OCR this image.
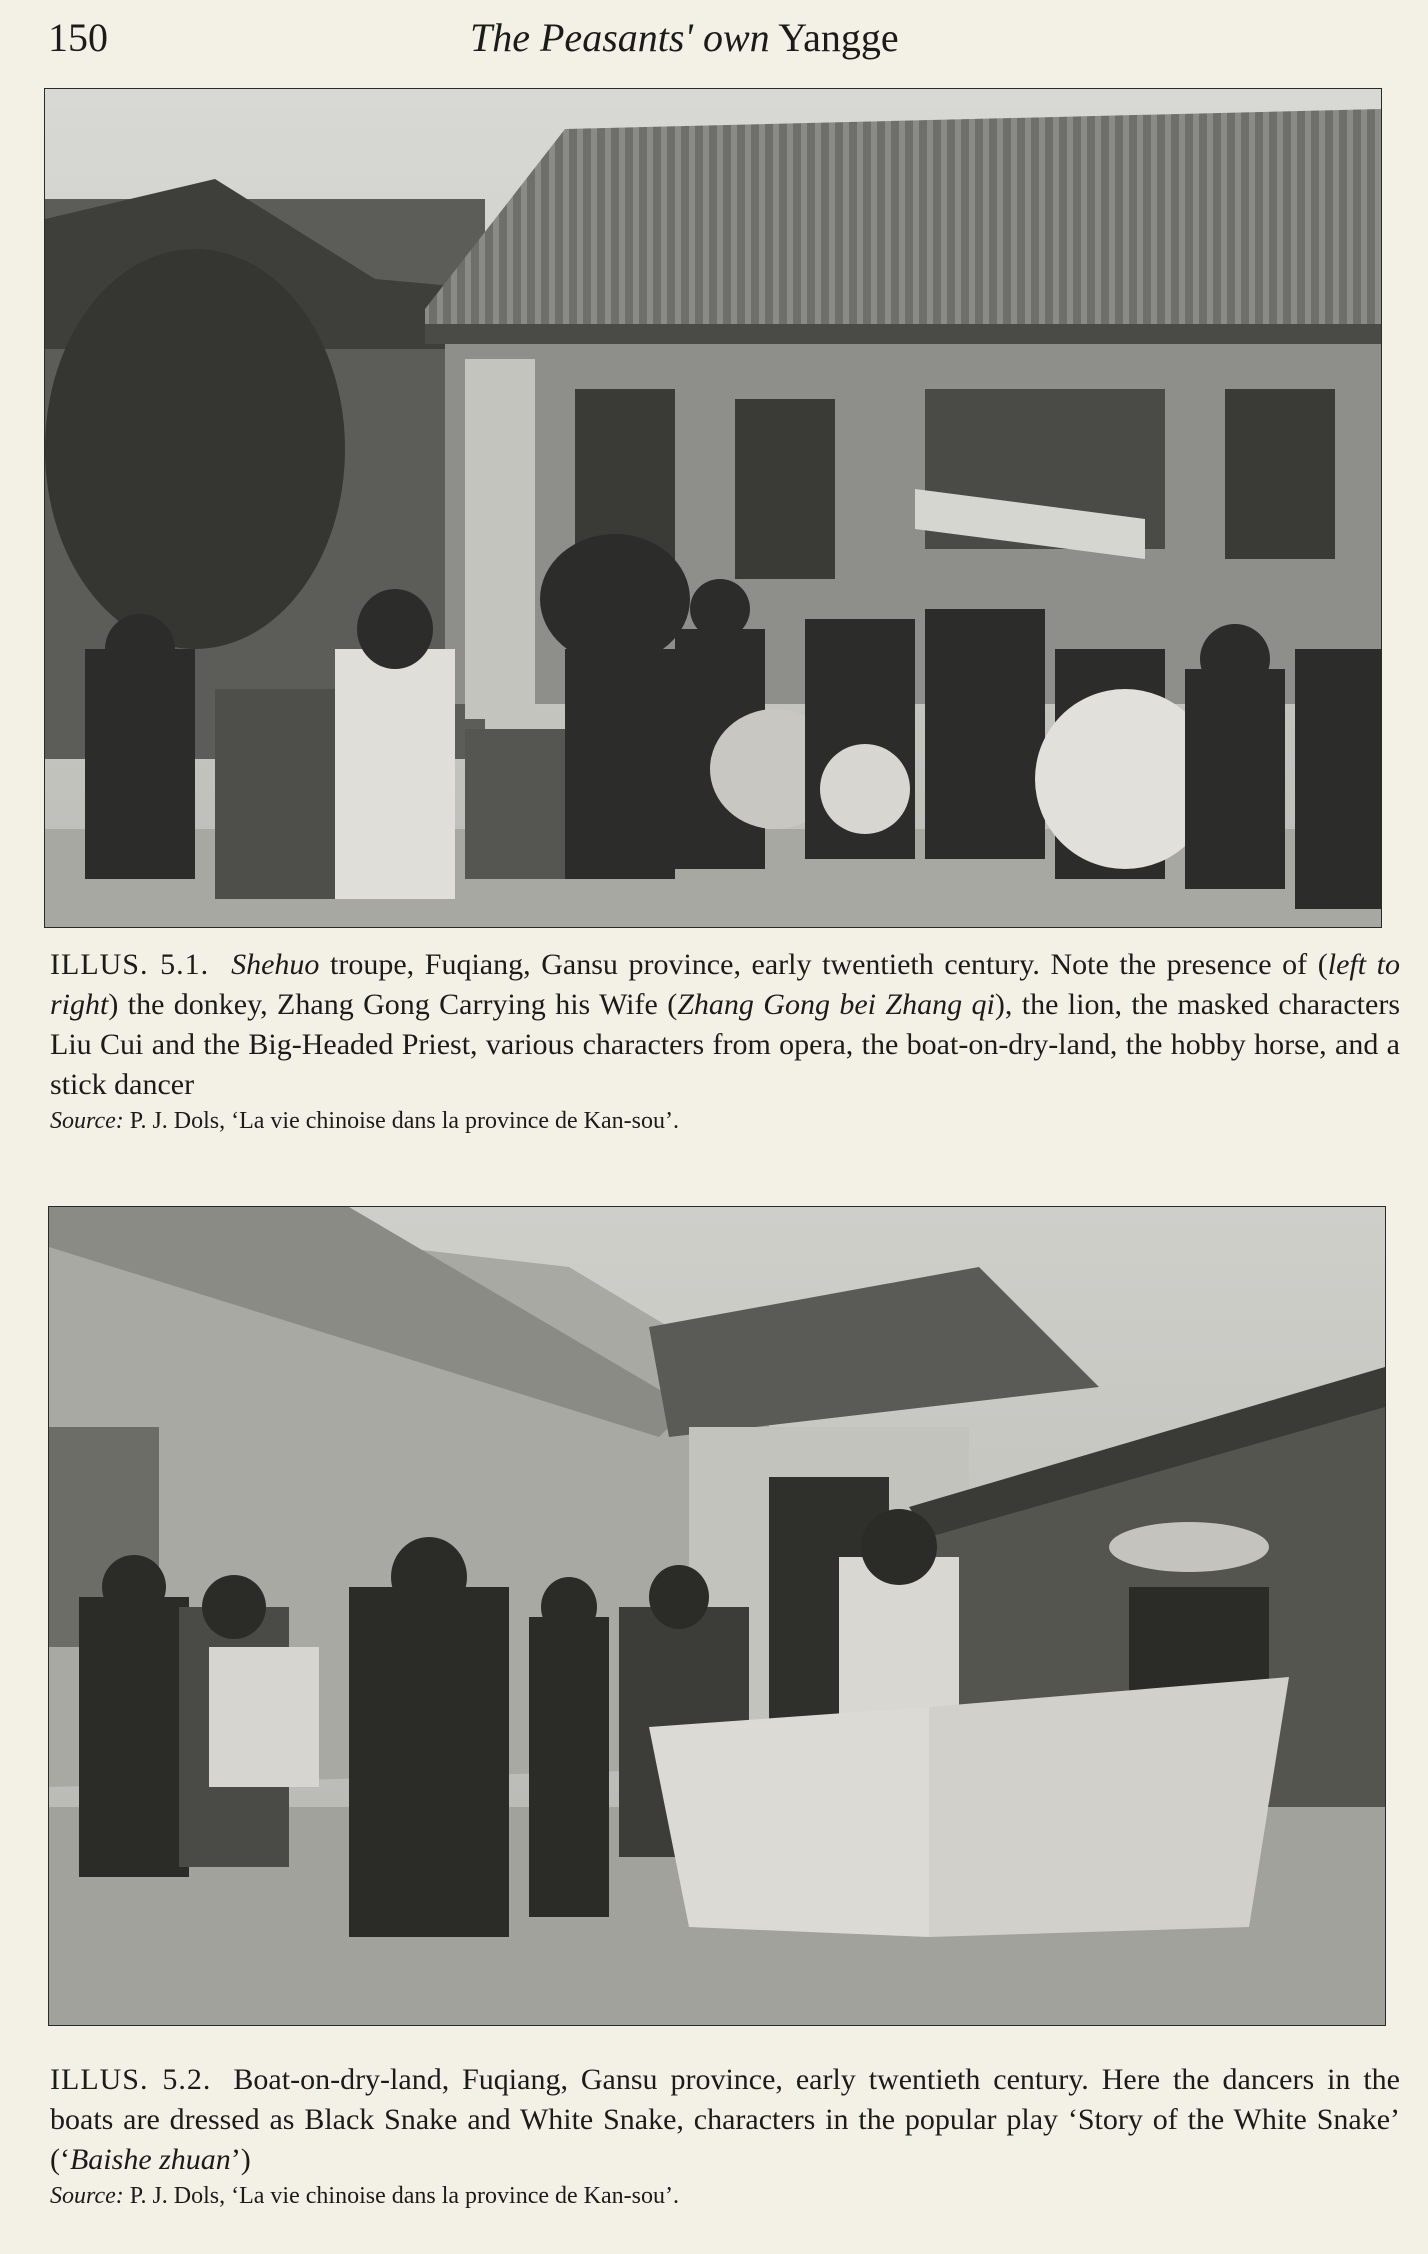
150	The Peasants' own Yangge
ILLUS. 5.1. Shehuo troupe, Fuqiang, Gansu province, early twentieth century. Note the presence of (left to right) the donkey, Zhang Gong Carrying his Wife (Zhang Gong bei Zhang qi), the lion, the masked characters Liu Cui and the Big-Headed Priest, various characters from opera, the boat-on-dry-land, the hobby horse, and a stick dancer
Source: P. J. Dols, ‘La vie chinoise dans la province de Kan-sou’.
ILLUS. 5.2. Boat-on-dry-land, Fuqiang, Gansu province, early twentieth century. Here the dancers in the boats are dressed as Black Snake and White Snake, characters in the popular play ‘Story of the White Snake’ (‘Baishe zhuan’)
Source: P. J. Dols, ‘La vie chinoise dans la province de Kan-sou’.
